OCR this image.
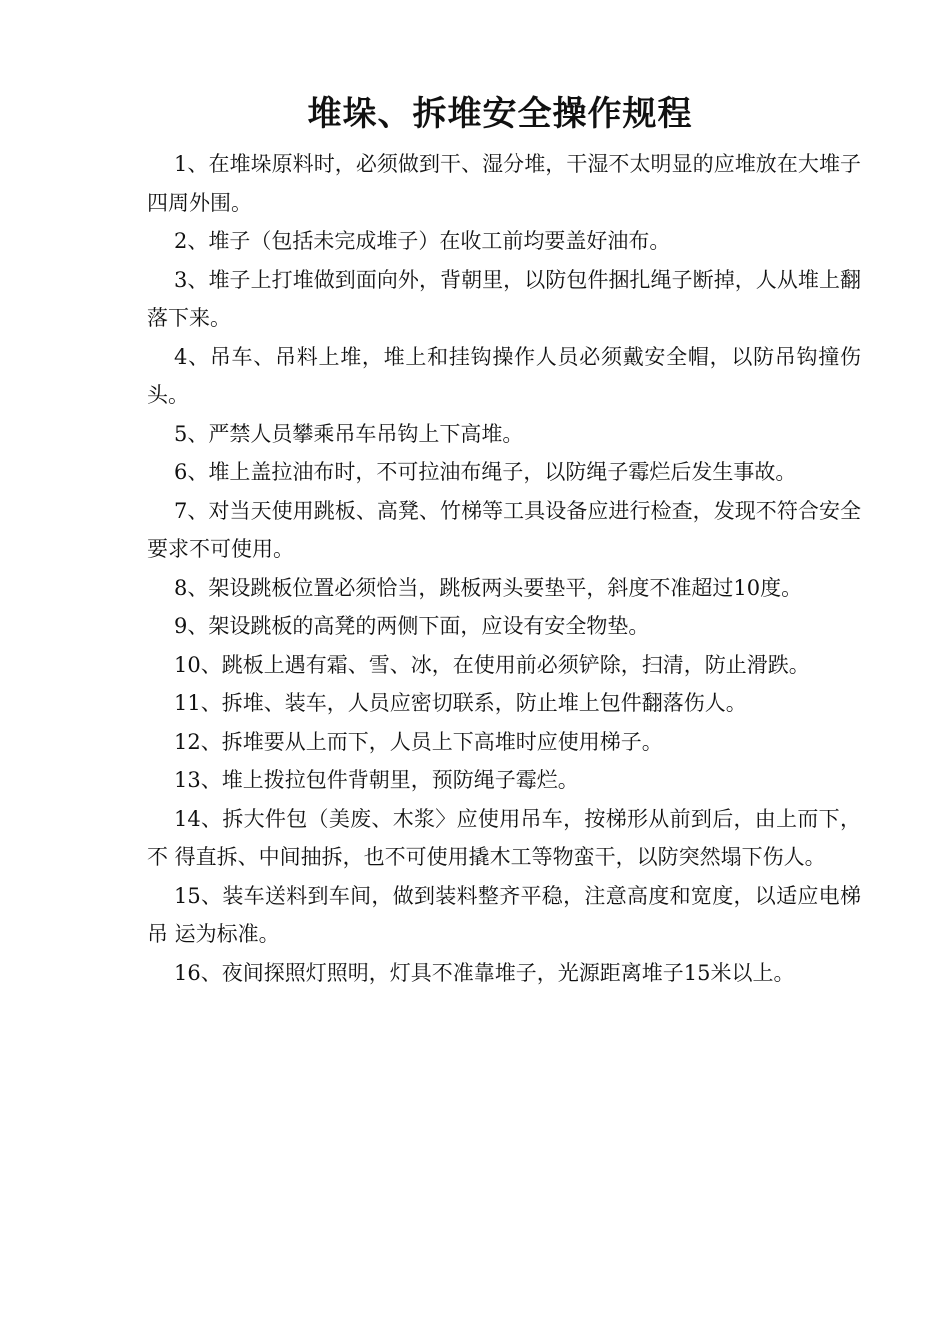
堆垛、拆堆安全操作规程

1、在堆垛原料时，必须做到干、湿分堆，干湿不太明显的应堆放在大堆子 四周外围。

2、堆子（包括未完成堆子）在收工前均要盖好油布。

3、堆子上打堆做到面向外，背朝里，以防包件捆扎绳子断掉，人从堆上翻 落下来。

4、吊车、吊料上堆，堆上和挂钩操作人员必须戴安全帽，以防吊钩撞伤头。

5、严禁人员攀乘吊车吊钩上下高堆。

6、堆上盖拉油布时，不可拉油布绳子，以防绳子霉烂后发生事故。

7、对当天使用跳板、高凳、竹梯等工具设备应进行检查，发现不符合安全 要求不可使用。

8、架设跳板位置必须恰当，跳板两头要垫平，斜度不准超过10度。

9、架设跳板的高凳的两侧下面，应设有安全物垫。

10、跳板上遇有霜、雪、冰，在使用前必须铲除，扫清，防止滑跌。

11、拆堆、装车，人员应密切联系，防止堆上包件翻落伤人。

12、拆堆要从上而下，人员上下高堆时应使用梯子。

13、堆上拨拉包件背朝里，预防绳子霉烂。

14、拆大件包（美废、木浆〉应使用吊车，按梯形从前到后，由上而下，不 得直拆、中间抽拆，也不可使用撬木工等物蛮干，以防突然塌下伤人。

15、装车送料到车间，做到装料整齐平稳，注意高度和宽度，以适应电梯吊 运为标准。

16、夜间探照灯照明，灯具不准靠堆子，光源距离堆子15米以上。
